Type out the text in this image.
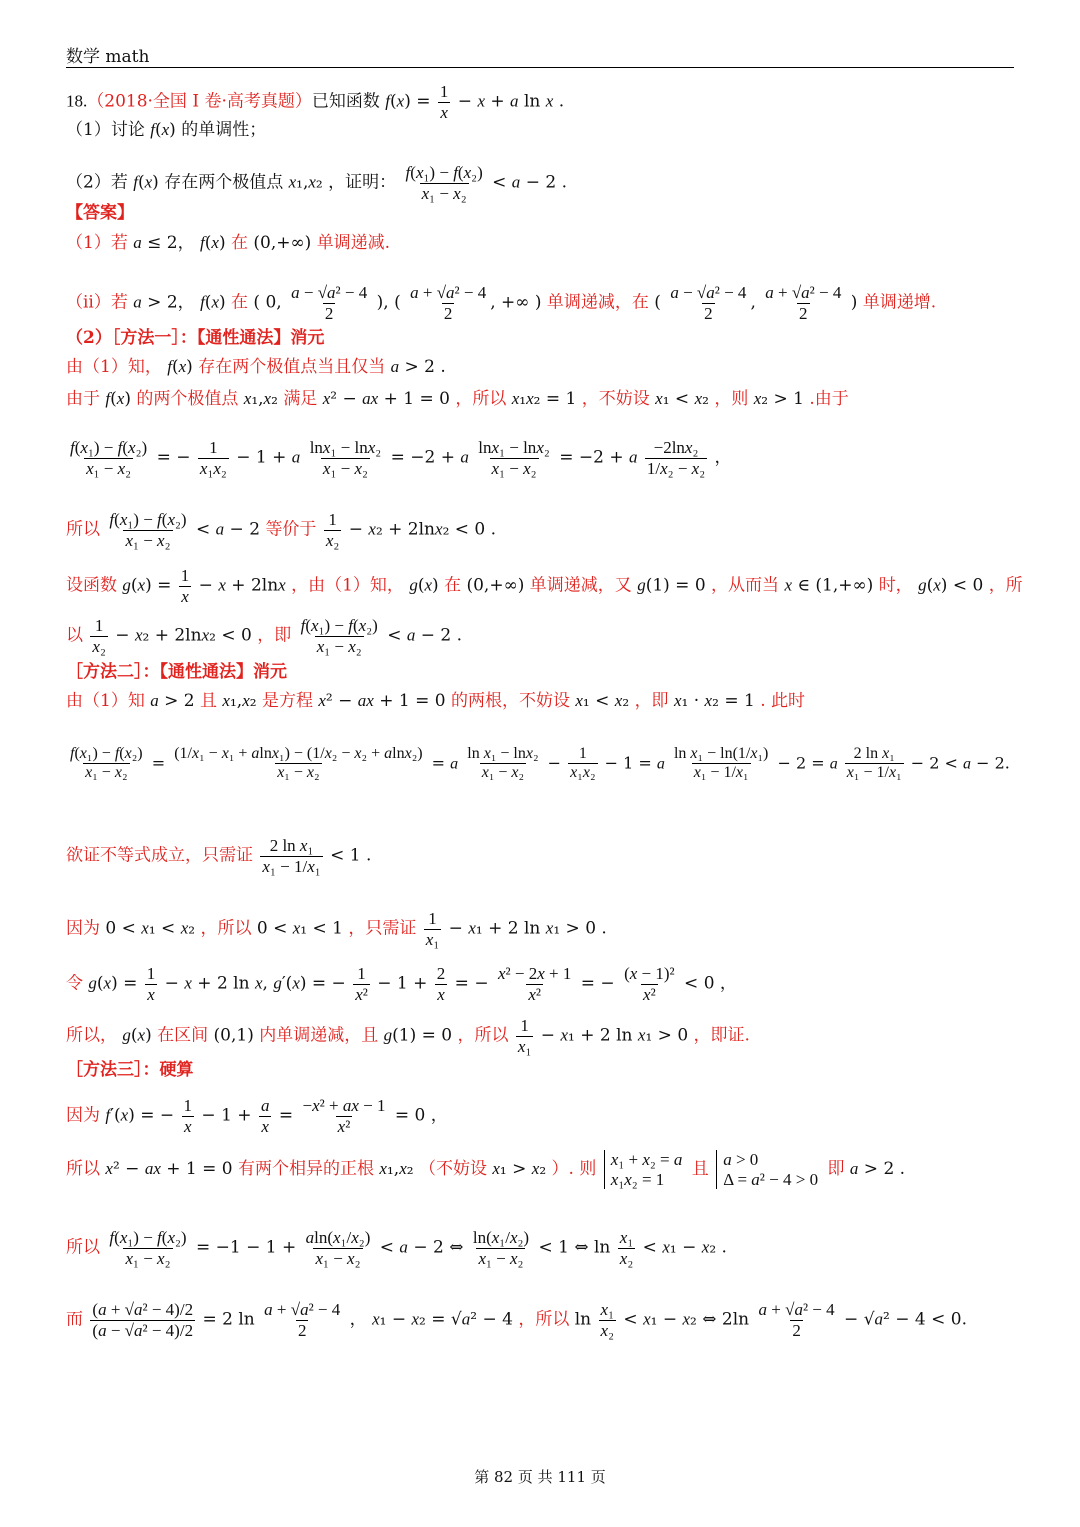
数学 math
18.（2018·全国 I 卷·高考真题）已知函数 $f(x) = \frac{1}{x} - x + a$ ln x .
（1）讨论 f(x) 的单调性；
（2）若 f(x) 存在两个极值点 x₁,x₂ ，证明： $\frac{\text{f(x₁) − f(x₂)}}{\text{x₁ − x₂}} < a - 2$ .
【答案】
（1）若 a ≤ 2， f(x) 在 (0,+∞) 单调递减.
（ii）若 a > 2， f(x) 在 ( 0, $\frac{\text{a − √a² − 4}}{2}$ ), ( $\frac{\text{a + √a² − 4}}{2}$ , +∞ ) 单调递减，在 ( $\frac{\text{a − √a² − 4}}{2}$ , $\frac{\text{a + √a² − 4}}{2}$ ) 单调递增.
（2）［方法一］：【通性通法】消元
由（1）知， f(x) 存在两个极值点当且仅当 a > 2 .
由于 f(x) 的两个极值点 x₁,x₂ 满足 x² − ax + 1 = 0 ，所以 x₁x₂ = 1 ，不妨设 x₁ < x₂ ，则 x₂ > 1 .由于
$\frac{\text{f(x₁) − f(x₂)}}{\text{x₁ − x₂}}$ = − $\frac{1}{\text{x₁x₂}} - 1 + a \frac{\text{lnx₁ − lnx₂}}{\text{x₁ − x₂}} = -2 + a \frac{\text{lnx₁ − lnx₂}}{\text{x₁ − x₂}} = -2 + a \frac{\text{−2lnx₂}}{\text{1/x₂ − x₂}}$ ，
所以 $\frac{\text{f(x₁) − f(x₂)}}{\text{x₁ − x₂}} < a - 2$ 等价于 $\frac{1}{\text{x₂}} - x_2 + 2\ln x_2 < 0$ .
设函数 $g(x) = \frac{1}{x} - x + 2\ln x$ ，由（1）知， g(x) 在 (0,+∞) 单调递减，又 g(1) = 0 ，从而当 x ∈ (1,+∞) 时， g(x) < 0 ，所
以 $\frac{1}{\text{x₂}} - x_2 + 2\ln x_2 < 0$ ，即 $\frac{\text{f(x₁) − f(x₂)}}{\text{x₁ − x₂}} < a - 2$ .
［方法二］：【通性通法】消元
由（1）知 a > 2 且 x₁,x₂ 是方程 x² − ax + 1 = 0 的两根，不妨设 x₁ < x₂ ，即 x₁ · x₂ = 1 . 此时
$\frac{\text{f(x₁) − f(x₂)}}{\text{x₁ − x₂}} = \frac{\text{(1/x₁ − x₁ + alnx₁) − (1/x₂ − x₂ + alnx₂)}}{\text{x₁ − x₂}} = a \frac{\text{ln x₁ − lnx₂}}{\text{x₁ − x₂}} - \frac{1}{\text{x₁x₂}} - 1 = a \frac{\text{ln x₁ − ln(1/x₁)}}{\text{x₁ − 1/x₁}} - 2 = a \frac{\text{2 ln x₁}}{\text{x₁ − 1/x₁}} - 2 < a - 2$.
欲证不等式成立，只需证 $\frac{\text{2 ln x₁}}{\text{x₁ − 1/x₁}} < 1$ .
因为 0 < x₁ < x₂ ，所以 0 < x₁ < 1 ，只需证 $\frac{1}{\text{x₁}} - x_1 + 2$ ln x₁ > 0 .
令 $g(x) = \frac{1}{x} - x + 2$ ln x, g′(x) = − $\frac{1}{\text{x²}} - 1 + \frac{2}{x}$ = − $\frac{\text{x² − 2x + 1}}{\text{x²}}$ = − $\frac{\text{(x − 1)²}}{\text{x²}} < 0$ ，
所以， g(x) 在区间 (0,1) 内单调递减，且 g(1) = 0 ，所以 $\frac{1}{\text{x₁}} - x_1 + 2$ ln x₁ > 0 ，即证.
［方法三］：硬算
因为 f′(x) = − $\frac{1}{x} - 1 + \frac{a}{x} = \frac{\text{−x² + ax − 1}}{\text{x²}} = 0$ ，
所以 x² − ax + 1 = 0 有两个相异的正根 x₁,x₂ （不妨设 x₁ > x₂ ）. 则 x₁ + x₂ = a
x₁x₂ = 1 且 a > 0
Δ = a² − 4 > 0 即 a > 2 .
所以 $\frac{\text{f(x₁) − f(x₂)}}{\text{x₁ − x₂}} = -1 - 1 + \frac{\text{aln(x₁/x₂)}}{\text{x₁ − x₂}} < a - 2$ ⇔ $\frac{\text{ln(x₁/x₂)}}{\text{x₁ − x₂}} < 1$ ⇔ $\ln \frac{\text{x₁}}{\text{x₂}} < x_1 - x_2$ .
而 $\frac{\text{(a + √a² − 4)/2}}{\text{(a − √a² − 4)/2}} = 2$ $\ln \frac{\text{a + √a² − 4}}{2}$ ， x₁ − x₂ = √a² − 4 ，所以 $\ln \frac{\text{x₁}}{\text{x₂}} < x_1 - x_2$ ⇔ $2\ln \frac{\text{a + √a² − 4}}{2} - √a^2 - 4 < 0$.
第 82 页 共 111 页
